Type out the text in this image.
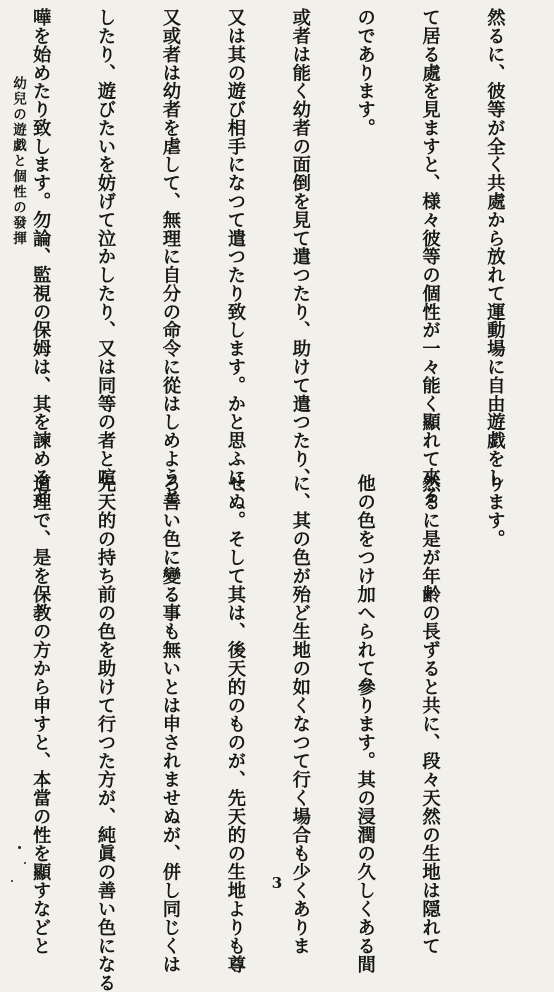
然るに、彼等が全く共處から放れて運動場に自由遊戯をし

て居る處を見ますと、様々彼等の個性が一々能く顯れて來る

のであります。

或者は能く幼者の面倒を見て遣つたり、助けて遣つたり、

又は其の遊び相手になつて遣つたり致します。かと思ふに、

又或者は幼者を虐して、無理に自分の命令に從はしめようと

したり、遊びたいを妨げて泣かしたり、又は同等の者と喧

嘩を始めたり致します。勿論、監視の保姆は、其を諫めると

幼兒の遊戯と個性の發揮

ります。

然るに是が年齢の長ずると共に、段々天然の生地は隠れて

他の色をつけ加へられて參ります。其の浸潤の久しくある間

に、其の色が殆ど生地の如くなつて行く場合も少くありま

せぬ。そして其は、後天的のものが、先天的の生地よりも尊

ろ善い色に變る事も無いとは申されませぬが、併し同じくは

先天的の持ち前の色を助けて行つた方が、純眞の善い色になる

道理で、是を保教の方から申すと、本當の性を顯すなどと

	3
